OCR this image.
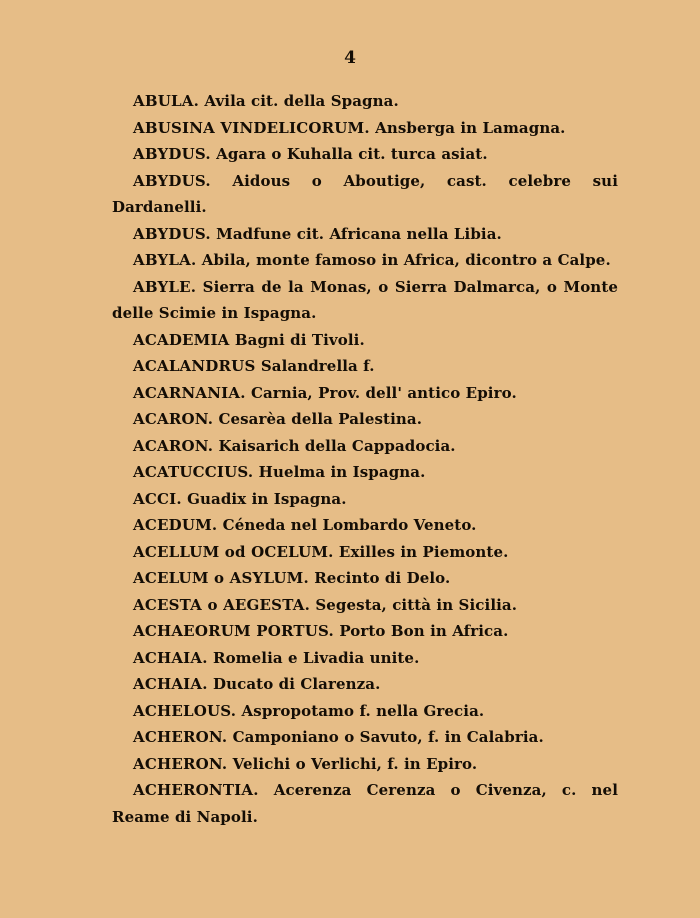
4
ABULA. Avila cit. della Spagna.
ABUSINA VINDELICORUM. Ansberga in Lamagna.
ABYDUS. Agara o Kuhalla cit. turca asiat.
ABYDUS. Aidous o Aboutige, cast. celebre sui Dardanelli.
ABYDUS. Madfune cit. Africana nella Libia.
ABYLA. Abila, monte famoso in Africa, dicontro a Calpe.
ABYLE. Sierra de la Monas, o Sierra Dalmarca, o Monte delle Scimie in Ispagna.
ACADEMIA Bagni di Tivoli.
ACALANDRUS Salandrella f.
ACARNANIA. Carnia, Prov. dell' antico Epiro.
ACARON. Cesarèa della Palestina.
ACARON. Kaisarich della Cappadocia.
ACATUCCIUS. Huelma in Ispagna.
ACCI. Guadix in Ispagna.
ACEDUM. Céneda nel Lombardo Veneto.
ACELLUM od OCELUM. Exilles in Piemonte.
ACELUM o ASYLUM. Recinto di Delo.
ACESTA o AEGESTA. Segesta, città in Sicilia.
ACHAEORUM PORTUS. Porto Bon in Africa.
ACHAIA. Romelia e Livadia unite.
ACHAIA. Ducato di Clarenza.
ACHELOUS. Aspropotamo f. nella Grecia.
ACHERON. Camponiano o Savuto, f. in Calabria.
ACHERON. Velichi o Verlichi, f. in Epiro.
ACHERONTIA. Acerenza Cerenza o Civenza, c. nel Reame di Napoli.
